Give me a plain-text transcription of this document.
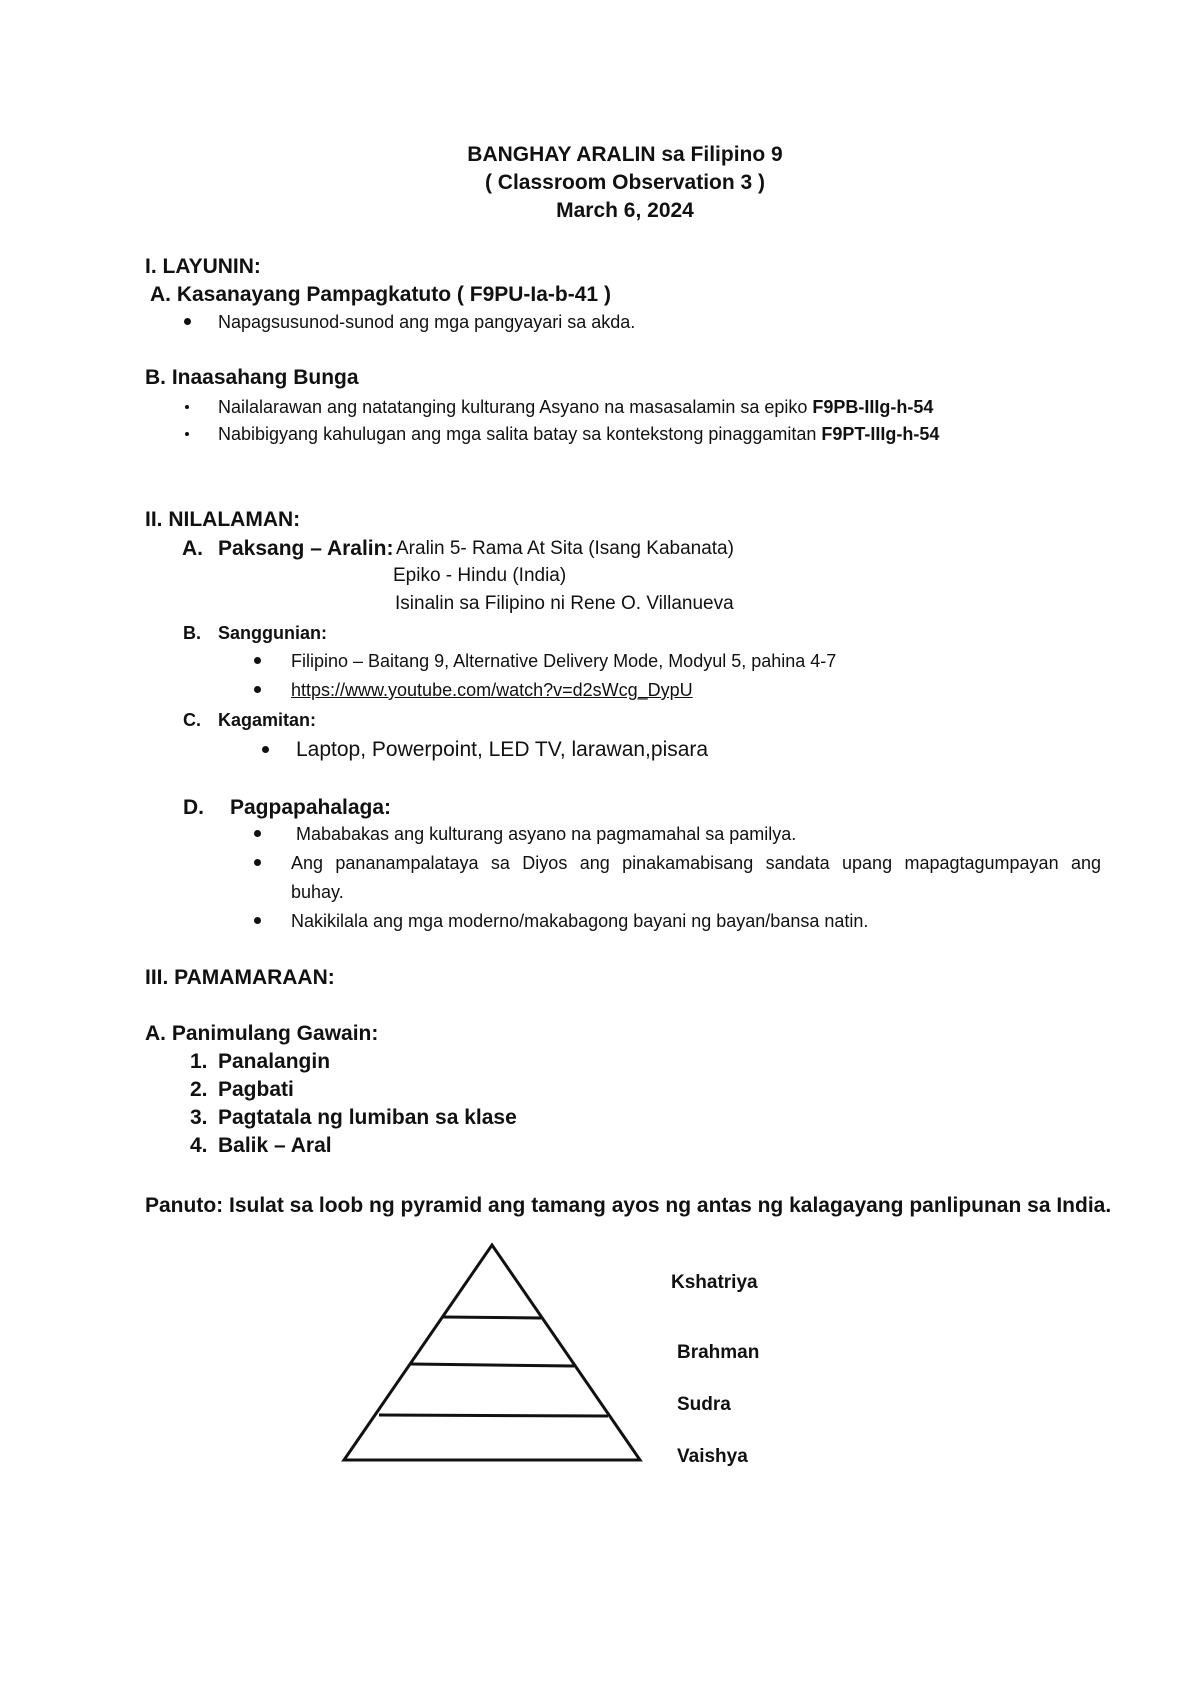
BANGHAY ARALIN sa Filipino 9
( Classroom Observation 3 )
March 6, 2024
I. LAYUNIN:
A. Kasanayang Pampagkatuto ( F9PU-Ia-b-41 )
Napagsusunod-sunod ang mga pangyayari sa akda.
B. Inaasahang Bunga
Nailalarawan ang natatanging kulturang Asyano na masasalamin sa epiko F9PB-IIIg-h-54
Nabibigyang kahulugan ang mga salita batay sa kontekstong pinaggamitan F9PT-IIIg-h-54
II. NILALAMAN:
A. Paksang – Aralin: Aralin 5- Rama At Sita (Isang Kabanata)
Epiko - Hindu (India)
Isinalin sa Filipino ni Rene O. Villanueva
B. Sanggunian:
Filipino – Baitang 9, Alternative Delivery Mode, Modyul 5, pahina 4-7
https://www.youtube.com/watch?v=d2sWcg_DypU
C. Kagamitan:
Laptop, Powerpoint, LED TV, larawan,pisara
D. Pagpapahalaga:
Mababakas ang kulturang asyano na pagmamahal sa pamilya.
Ang pananampalataya sa Diyos ang pinakamabisang sandata upang mapagtagumpayan ang
buhay.
Nakikilala ang mga moderno/makabagong bayani ng bayan/bansa natin.
III. PAMAMARAAN:
A. Panimulang Gawain:
1. Panalangin
2. Pagbati
3. Pagtatala ng lumiban sa klase
4. Balik – Aral
Panuto: Isulat sa loob ng pyramid ang tamang ayos ng antas ng kalagayang panlipunan sa India.
Kshatriya
Brahman
Sudra
Vaishya
